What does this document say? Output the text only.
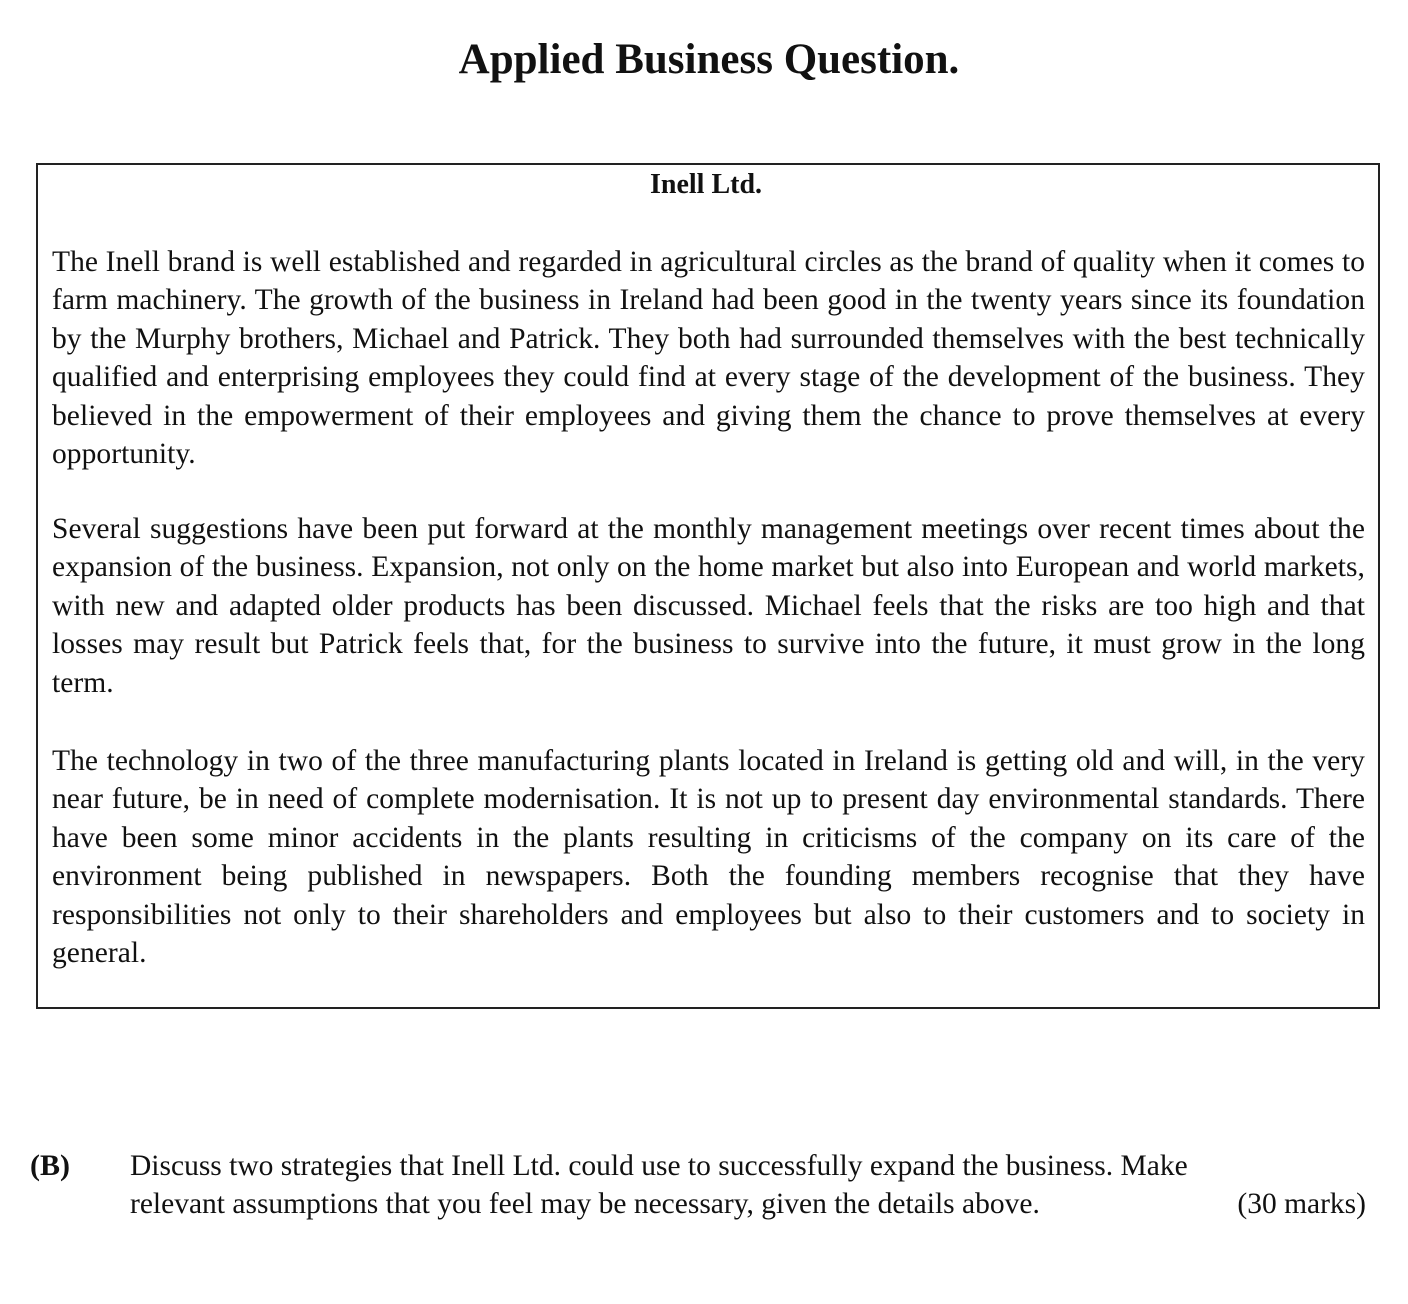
Applied Business Question.
Inell Ltd.

The Inell brand is well established and regarded in agricultural circles as the brand of quality when it comes to farm machinery. The growth of the business in Ireland had been good in the twenty years since its foundation by the Murphy brothers, Michael and Patrick. They both had surrounded themselves with the best technically qualified and enterprising employees they could find at every stage of the development of the business. They believed in the empowerment of their employees and giving them the chance to prove themselves at every opportunity.

Several suggestions have been put forward at the monthly management meetings over recent times about the expansion of the business. Expansion, not only on the home market but also into European and world markets, with new and adapted older products has been discussed. Michael feels that the risks are too high and that losses may result but Patrick feels that, for the business to survive into the future, it must grow in the long term.

The technology in two of the three manufacturing plants located in Ireland is getting old and will, in the very near future, be in need of complete modernisation. It is not up to present day environmental standards. There have been some minor accidents in the plants resulting in criticisms of the company on its care of the environment being published in newspapers. Both the founding members recognise that they have responsibilities not only to their shareholders and employees but also to their customers and to society in general.

(B) Discuss two strategies that Inell Ltd. could use to successfully expand the business. Make
relevant assumptions that you feel may be necessary, given the details above.	(30 marks)
